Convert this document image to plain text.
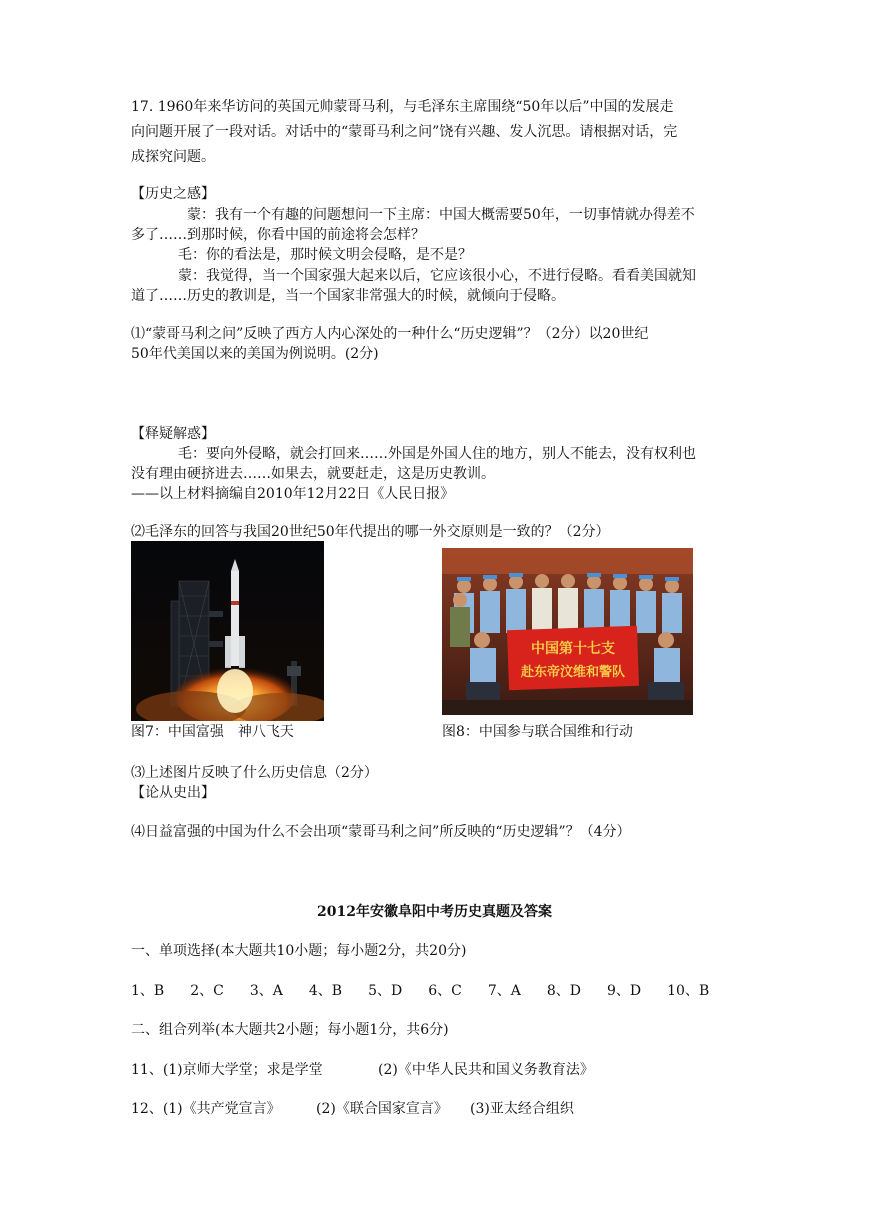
17. 1960年来华访问的英国元帅蒙哥马利，与毛泽东主席围绕“50年以后”中国的发展走
向问题开展了一段对话。对话中的“蒙哥马利之问”饶有兴趣、发人沉思。请根据对话，完
成探究问题。
【历史之感】
蒙：我有一个有趣的问题想问一下主席：中国大概需要50年，一切事情就办得差不
多了……到那时候，你看中国的前途将会怎样？
毛：你的看法是，那时候文明会侵略，是不是？
蒙：我觉得，当一个国家强大起来以后，它应该很小心，不进行侵略。看看美国就知
道了……历史的教训是，当一个国家非常强大的时候，就倾向于侵略。
⑴“蒙哥马利之问”反映了西方人内心深处的一种什么“历史逻辑”？（2分）以20世纪
50年代美国以来的美国为例说明。(2分)
【释疑解惑】
毛：要向外侵略，就会打回来……外国是外国人住的地方，别人不能去，没有权利也
没有理由硬挤进去……如果去，就要赶走，这是历史教训。
——以上材料摘编自2010年12月22日《人民日报》
⑵毛泽东的回答与我国20世纪50年代提出的哪一外交原则是一致的？（2分）
中国第十七支
赴东帝汶维和警队
图7：中国富强　神八飞天	图8：中国参与联合国维和行动
⑶上述图片反映了什么历史信息（2分）
【论从史出】
⑷日益富强的中国为什么不会出项“蒙哥马利之问”所反映的“历史逻辑”？（4分）
2012年安徽阜阳中考历史真题及答案
一、单项选择(本大题共10小题；每小题2分，共20分)
1、B 2、C 3、A 4、B 5、D 6、C 7、A 8、D 9、D 10、B
二、组合列举(本大题共2小题；每小题1分，共6分)
11、(1)京师大学堂；求是学堂	(2)《中华人民共和国义务教育法》
12、(1)《共产党宣言》	(2)《联合国家宣言》 (3)亚太经合组织
